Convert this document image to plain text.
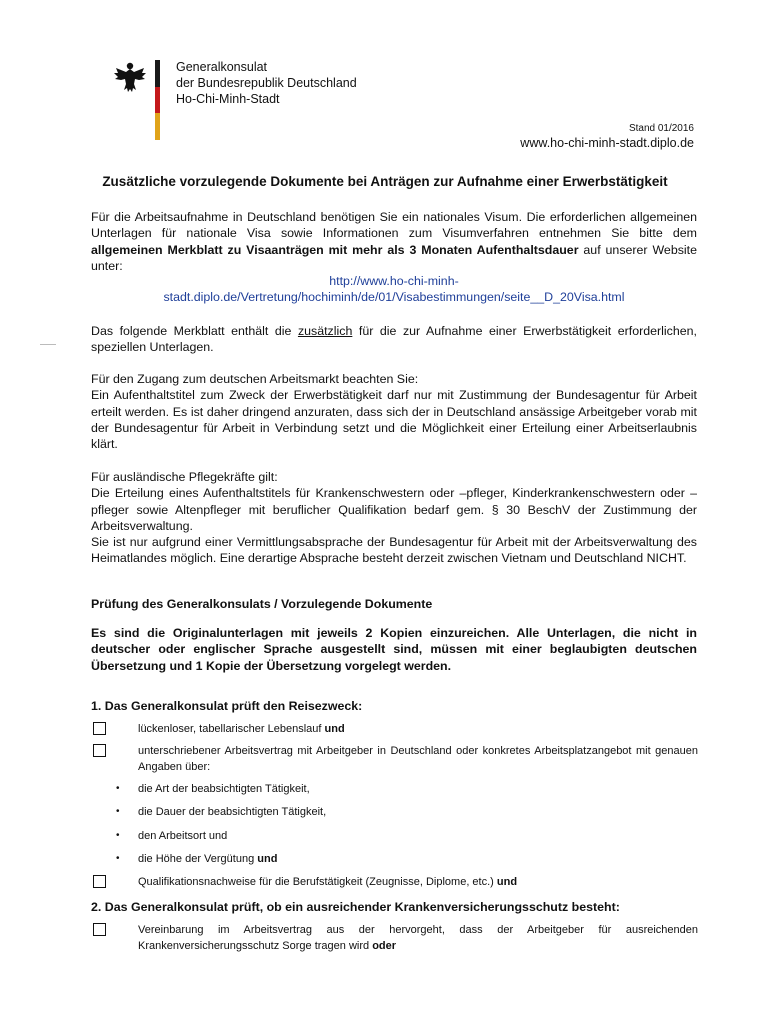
Generalkonsulat
der Bundesrepublik Deutschland
Ho-Chi-Minh-Stadt
Stand 01/2016
www.ho-chi-minh-stadt.diplo.de
Zusätzliche vorzulegende Dokumente bei Anträgen zur Aufnahme einer Erwerbstätigkeit
Für die Arbeitsaufnahme in Deutschland benötigen Sie ein nationales Visum. Die erforderlichen allgemeinen Unterlagen für nationale Visa sowie Informationen zum Visumverfahren entnehmen Sie bitte dem allgemeinen Merkblatt zu Visaanträgen mit mehr als 3 Monaten Aufenthaltsdauer auf unserer Website unter:
http://www.ho-chi-minh-
stadt.diplo.de/Vertretung/hochiminh/de/01/Visabestimmungen/seite__D_20Visa.html
Das folgende Merkblatt enthält die zusätzlich für die zur Aufnahme einer Erwerbstätigkeit erforderlichen, speziellen Unterlagen.
Für den Zugang zum deutschen Arbeitsmarkt beachten Sie:
Ein Aufenthaltstitel zum Zweck der Erwerbstätigkeit darf nur mit Zustimmung der Bundesagentur für Arbeit erteilt werden. Es ist daher dringend anzuraten, dass sich der in Deutschland ansässige Arbeitgeber vorab mit der Bundesagentur für Arbeit in Verbindung setzt und die Möglichkeit einer Erteilung einer Arbeitserlaubnis klärt.
Für ausländische Pflegekräfte gilt:
Die Erteilung eines Aufenthaltstitels für Krankenschwestern oder –pfleger, Kinderkrankenschwestern oder –pfleger sowie Altenpfleger mit beruflicher Qualifikation bedarf gem. § 30 BeschV der Zustimmung der Arbeitsverwaltung.
Sie ist nur aufgrund einer Vermittlungsabsprache der Bundesagentur für Arbeit mit der Arbeitsverwaltung des Heimatlandes möglich. Eine derartige Absprache besteht derzeit zwischen Vietnam und Deutschland NICHT.
Prüfung des Generalkonsulats / Vorzulegende Dokumente
Es sind die Originalunterlagen mit jeweils 2 Kopien einzureichen. Alle Unterlagen, die nicht in deutscher oder englischer Sprache ausgestellt sind, müssen mit einer beglaubigten deutschen Übersetzung und 1 Kopie der Übersetzung vorgelegt werden.
1. Das Generalkonsulat prüft den Reisezweck:
lückenloser, tabellarischer Lebenslauf und
unterschriebener Arbeitsvertrag mit Arbeitgeber in Deutschland oder konkretes Arbeitsplatzangebot mit genauen Angaben über:
• die Art der beabsichtigten Tätigkeit,
• die Dauer der beabsichtigten Tätigkeit,
• den Arbeitsort und
• die Höhe der Vergütung und
Qualifikationsnachweise für die Berufstätigkeit (Zeugnisse, Diplome, etc.) und
2. Das Generalkonsulat prüft, ob ein ausreichender Krankenversicherungsschutz besteht:
Vereinbarung im Arbeitsvertrag aus der hervorgeht, dass der Arbeitgeber für ausreichenden Krankenversicherungsschutz Sorge tragen wird oder
